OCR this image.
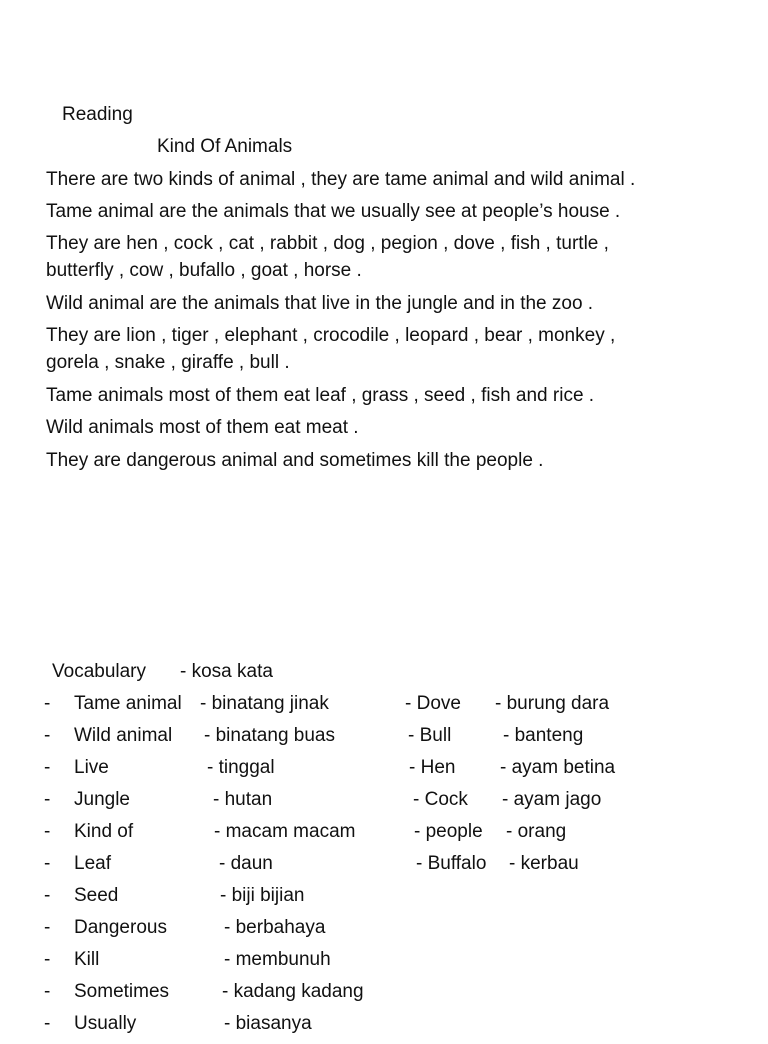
Reading
Kind Of Animals
There are two kinds of animal , they are tame animal and wild animal .
Tame animal are the animals that we usually see at people’s house .
They are hen , cock , cat , rabbit , dog , pegion , dove , fish , turtle ,
butterfly , cow , bufallo , goat , horse .
Wild animal are the animals that live in the jungle and in the zoo .
They are lion , tiger , elephant , crocodile , leopard , bear , monkey ,
gorela , snake , giraffe , bull .
Tame animals most of them eat leaf , grass , seed , fish and rice .
Wild animals most of them eat meat .
They are dangerous animal and sometimes kill the people .
Vocabulary - kosa kata
- Tame animal - binatang jinak	- Dove - burung dara
- Wild animal - binatang buas	- Bull	- banteng
- Live	- tinggal	- Hen - ayam betina
- Jungle	- hutan	- Cock - ayam jago
- Kind of	- macam macam	- people - orang
- Leaf	- daun	- Buffalo - kerbau
- Seed	- biji bijian
- Dangerous	- berbahaya
- Kill	- membunuh
- Sometimes	- kadang kadang
- Usually	- biasanya
